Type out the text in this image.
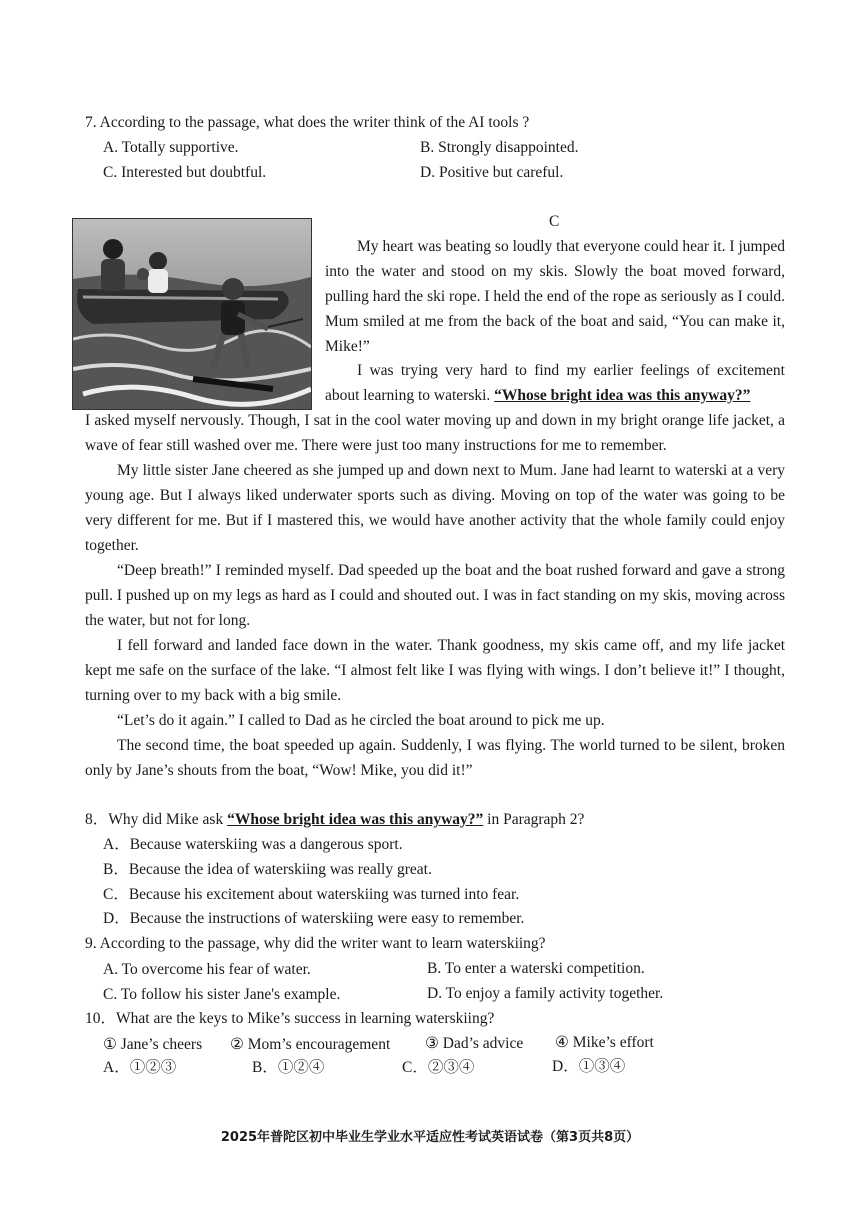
7. According to the passage, what does the writer think of the AI tools ?
A. Totally supportive.	B. Strongly disappointed.
C. Interested but doubtful.	D. Positive but careful.
C
My heart was beating so loudly that everyone could hear it. I jumped into the water and stood on my skis. Slowly the boat moved forward, pulling hard the ski rope. I held the end of the rope as seriously as I could. Mum smiled at me from the back of the boat and said, “You can make it, Mike!”
I was trying very hard to find my earlier feelings of excitement about learning to waterski. “Whose bright idea was this anyway?”
I asked myself nervously. Though, I sat in the cool water moving up and down in my bright orange life jacket, a wave of fear still washed over me. There were just too many instructions for me to remember.
My little sister Jane cheered as she jumped up and down next to Mum. Jane had learnt to waterski at a very young age. But I always liked underwater sports such as diving. Moving on top of the water was going to be very different for me. But if I mastered this, we would have another activity that the whole family could enjoy together.
“Deep breath!” I reminded myself. Dad speeded up the boat and the boat rushed forward and gave a strong pull. I pushed up on my legs as hard as I could and shouted out. I was in fact standing on my skis, moving across the water, but not for long.
I fell forward and landed face down in the water. Thank goodness, my skis came off, and my life jacket kept me safe on the surface of the lake. “I almost felt like I was flying with wings. I don’t believe it!” I thought, turning over to my back with a big smile.
“Let’s do it again.” I called to Dad as he circled the boat around to pick me up.
The second time, the boat speeded up again. Suddenly, I was flying. The world turned to be silent, broken only by Jane’s shouts from the boat, “Wow! Mike, you did it!”
8．Why did Mike ask “Whose bright idea was this anyway?” in Paragraph 2?
A．Because waterskiing was a dangerous sport.
B．Because the idea of waterskiing was really great.
C．Because his excitement about waterskiing was turned into fear.
D．Because the instructions of waterskiing were easy to remember.
9. According to the passage, why did the writer want to learn waterskiing?
A. To overcome his fear of water.	B. To enter a waterski competition.
C. To follow his sister Jane's example.	D. To enjoy a family activity together.
10．What are the keys to Mike’s success in learning waterskiing?
① Jane’s cheers ② Mom’s encouragement ③ Dad’s advice ④ Mike’s effort
A．①②③	B．①②④	C．②③④	D．①③④
2025年普陀区初中毕业生学业水平适应性考试英语试卷（第3页共8页）
